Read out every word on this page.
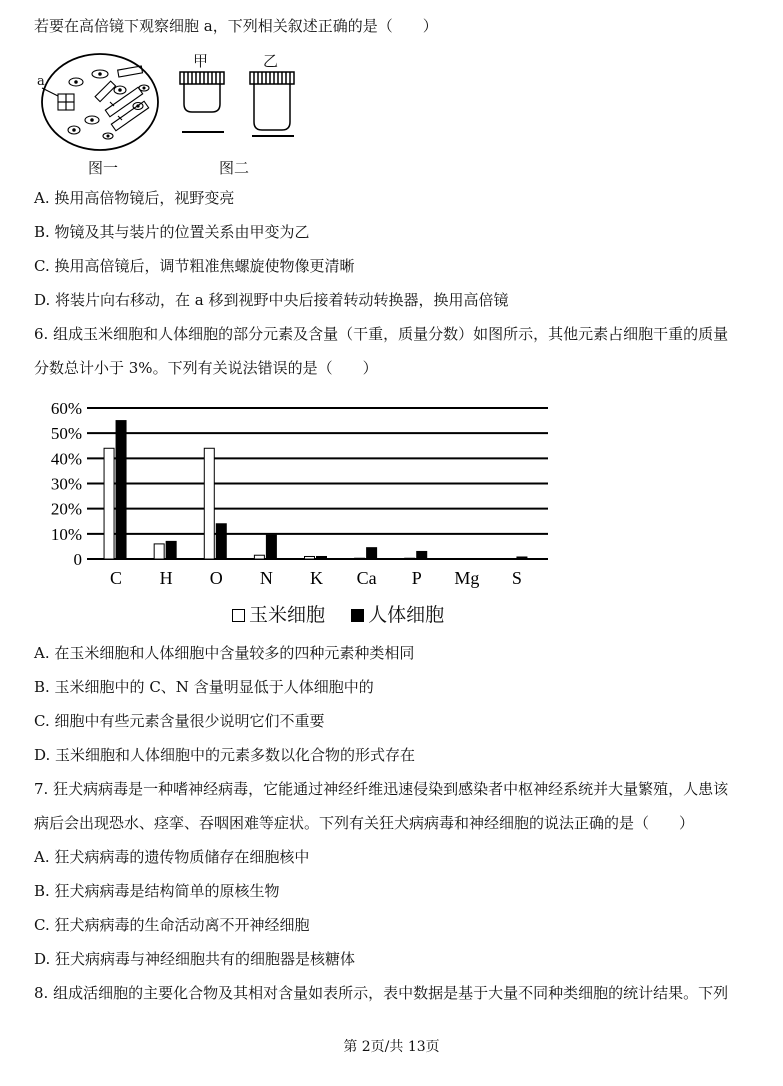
若要在高倍镜下观察细胞 a，下列相关叙述正确的是（　　）
a
甲	乙
图一	图二
A. 换用高倍物镜后，视野变亮
B. 物镜及其与装片的位置关系由甲变为乙
C. 换用高倍镜后，调节粗准焦螺旋使物像更清晰
D. 将装片向右移动，在 a 移到视野中央后接着转动转换器，换用高倍镜
6. 组成玉米细胞和人体细胞的部分元素及含量（干重，质量分数）如图所示，其他元素占细胞干重的质量
分数总计小于 3%。下列有关说法错误的是（　　）
0
10%
20%
30%
40%
50%
60%
C H O N K Ca P Mg S
玉米细胞 人体细胞
A. 在玉米细胞和人体细胞中含量较多的四种元素种类相同
B. 玉米细胞中的 C、N 含量明显低于人体细胞中的
C. 细胞中有些元素含量很少说明它们不重要
D. 玉米细胞和人体细胞中的元素多数以化合物的形式存在
7. 狂犬病病毒是一种嗜神经病毒，它能通过神经纤维迅速侵染到感染者中枢神经系统并大量繁殖，人患该
病后会出现恐水、痉挛、吞咽困难等症状。下列有关狂犬病病毒和神经细胞的说法正确的是（　　）
A. 狂犬病病毒的遗传物质储存在细胞核中
B. 狂犬病病毒是结构简单的原核生物
C. 狂犬病病毒的生命活动离不开神经细胞
D. 狂犬病病毒与神经细胞共有的细胞器是核糖体
8. 组成活细胞的主要化合物及其相对含量如表所示，表中数据是基于大量不同种类细胞的统计结果。下列
第 2页/共 13页
